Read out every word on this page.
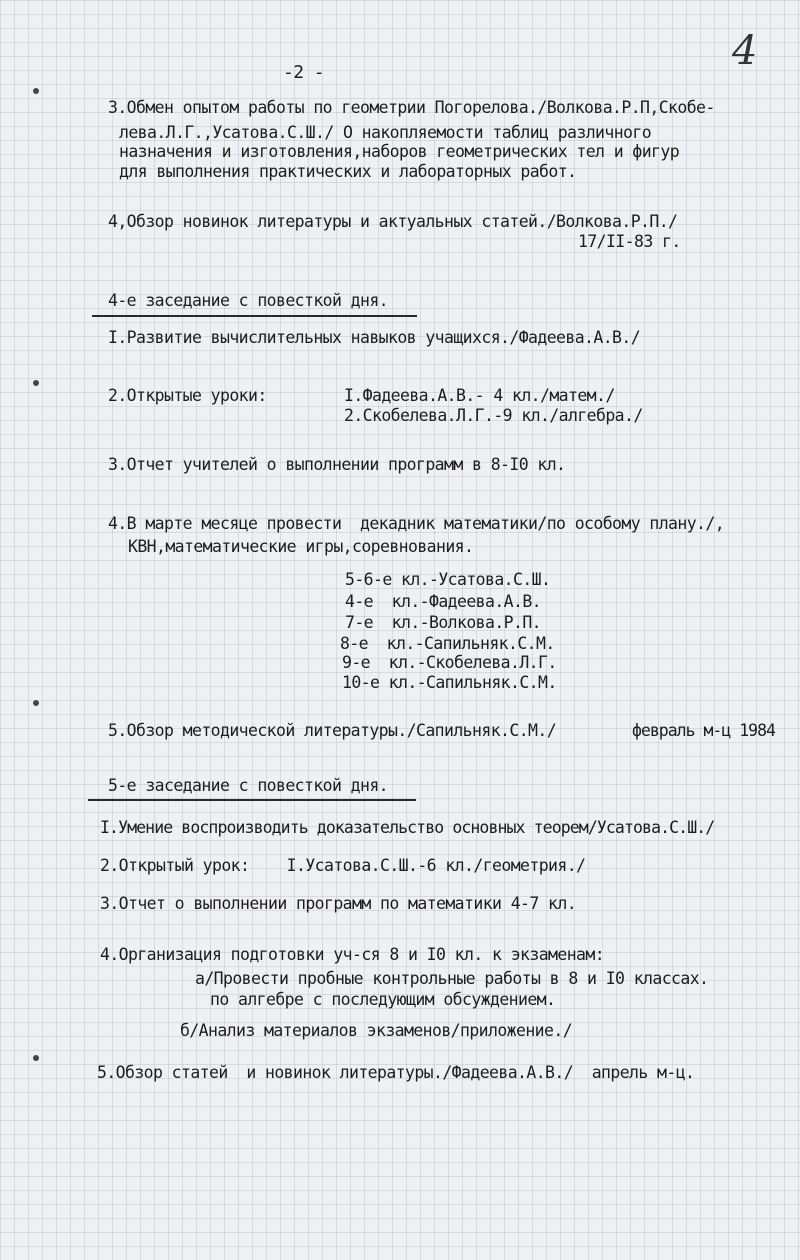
-2 -	4
3.Обмен опытом работы по геометрии Погорелова./Волкова.Р.П,Скобе-
лева.Л.Г.,Усатова.С.Ш./ О накопляемости таблиц различного
назначения и изготовления,наборов геометрических тел и фигур
для выполнения практических и лабораторных работ.
4,Обзор новинок литературы и актуальных статей./Волкова.Р.П./
17/II-83 г.
4-е заседание с повесткой дня.
I.Развитие вычислительных навыков учащихся./Фадеева.А.В./
2.Открытые уроки:	I.Фадеева.А.В.- 4 кл./матем./
2.Скобелева.Л.Г.-9 кл./алгебра./
3.Отчет учителей о выполнении программ в 8-I0 кл.
4.В марте месяце провести  декадник математики/по особому плану./,
КВН,математические игры,соревнования.
5-6-е кл.-Усатова.С.Ш.
4-е  кл.-Фадеева.А.В.
7-е  кл.-Волкова.Р.П.
8-е  кл.-Сапильняк.С.М.
9-е  кл.-Скобелева.Л.Г.
10-е кл.-Сапильняк.С.М.
5.Обзор методической литературы./Сапильняк.С.М./	февраль м-ц 1984
5-е заседание с повесткой дня.
I.Умение воспроизводить доказательство основных теорем/Усатова.С.Ш./
2.Открытый урок:    I.Усатова.С.Ш.-6 кл./геометрия./
3.Отчет о выполнении программ по математики 4-7 кл.
4.Организация подготовки уч-ся 8 и I0 кл. к экзаменам:
а/Провести пробные контрольные работы в 8 и I0 классах.
по алгебре с последующим обсуждением.
б/Анализ материалов экзаменов/приложение./
5.Обзор статей  и новинок литературы./Фадеева.А.В./  апрель м-ц.
